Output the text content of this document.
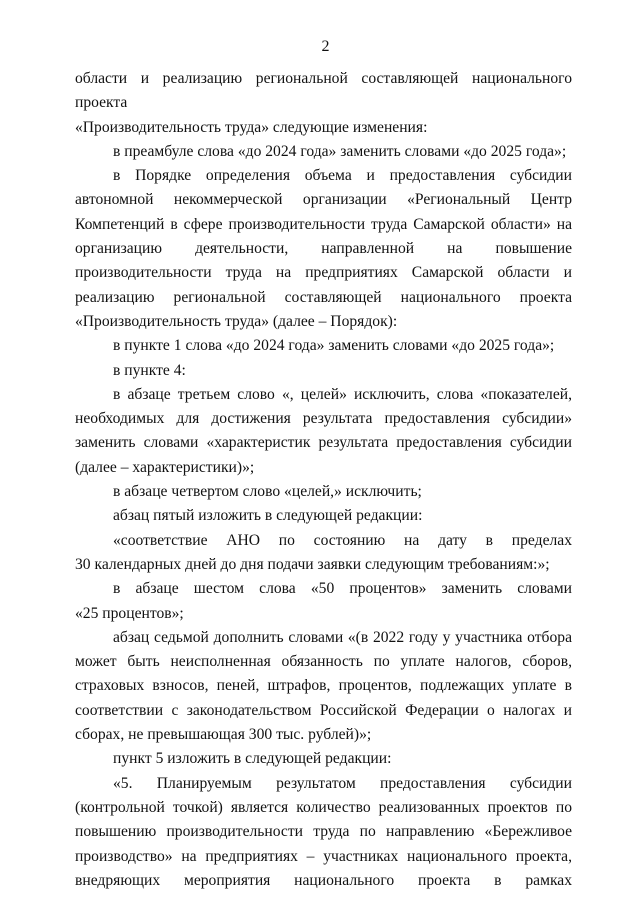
2

области и реализацию региональной составляющей национального проекта

«Производительность труда» следующие изменения:

в преамбуле слова «до 2024 года» заменить словами «до 2025 года»;

в Порядке определения объема и предоставления субсидии

автономной некоммерческой организации «Региональный Центр

Компетенций в сфере производительности труда Самарской области» на

организацию деятельности, направленной на повышение

производительности труда на предприятиях Самарской области и

реализацию региональной составляющей национального проекта

«Производительность труда» (далее – Порядок):

в пункте 1 слова «до 2024 года» заменить словами «до 2025 года»;

в пункте 4:

в абзаце третьем слово «, целей» исключить, слова «показателей,

необходимых для достижения результата предоставления субсидии»

заменить словами «характеристик результата предоставления субсидии

(далее – характеристики)»;

в абзаце четвертом слово «целей,» исключить;

абзац пятый изложить в следующей редакции:

«соответствие АНО по состоянию на дату в пределах

30 календарных дней до дня подачи заявки следующим требованиям:»;

в абзаце шестом слова «50 процентов» заменить словами

«25 процентов»;

абзац седьмой дополнить словами «(в 2022 году у участника отбора

может быть неисполненная обязанность по уплате налогов, сборов,

страховых взносов, пеней, штрафов, процентов, подлежащих уплате в

соответствии с законодательством Российской Федерации о налогах и

сборах, не превышающая 300 тыс. рублей)»;

пункт 5 изложить в следующей редакции:

«5. Планируемым результатом предоставления субсидии

(контрольной точкой) является количество реализованных проектов по

повышению производительности труда по направлению «Бережливое

производство» на предприятиях – участниках национального проекта,

внедряющих мероприятия национального проекта в рамках
